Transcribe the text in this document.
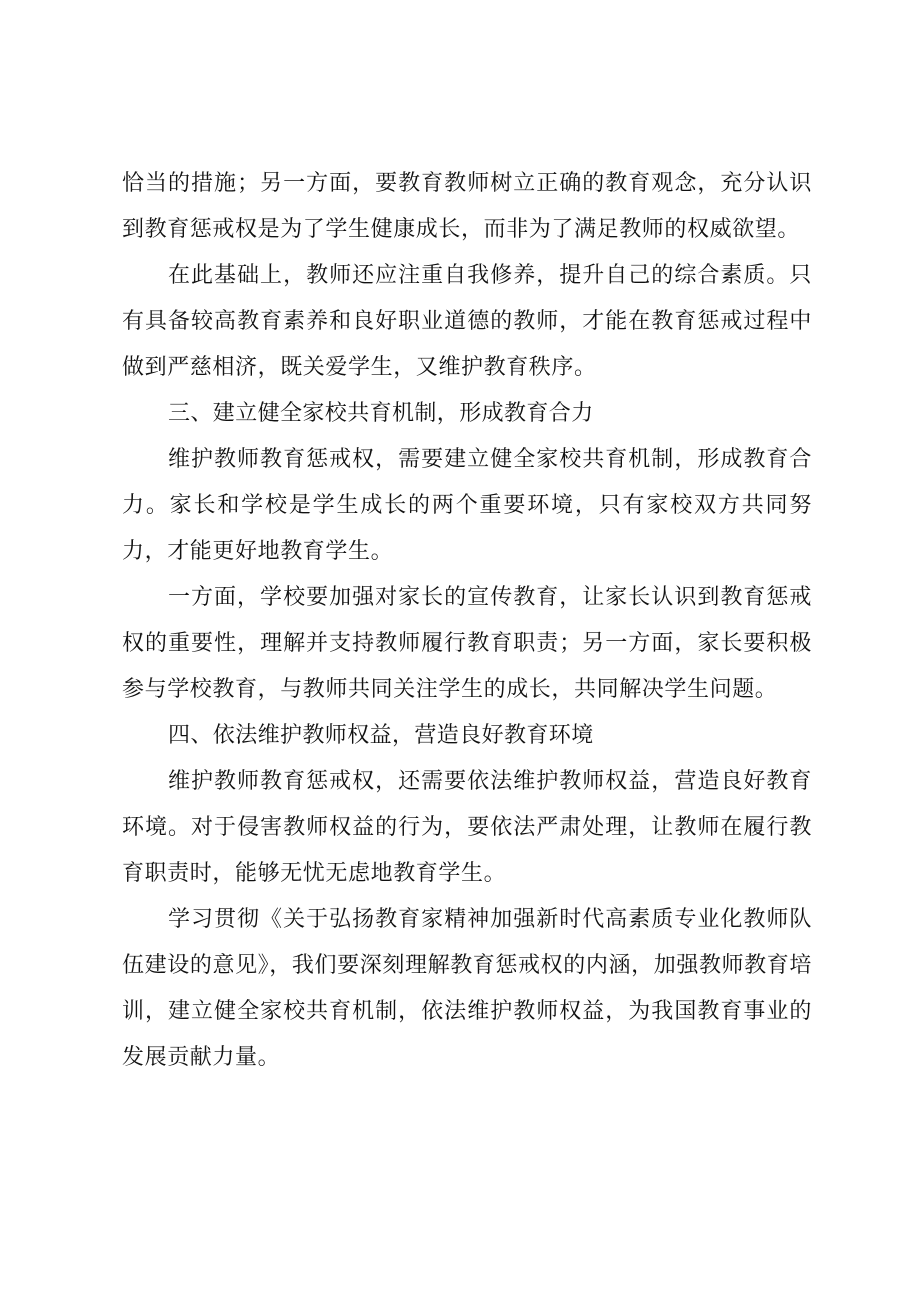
恰当的措施；另一方面，要教育教师树立正确的教育观念，充分认识到教育惩戒权是为了学生健康成长，而非为了满足教师的权威欲望。

在此基础上，教师还应注重自我修养，提升自己的综合素质。只有具备较高教育素养和良好职业道德的教师，才能在教育惩戒过程中做到严慈相济，既关爱学生，又维护教育秩序。

三、建立健全家校共育机制，形成教育合力

维护教师教育惩戒权，需要建立健全家校共育机制，形成教育合力。家长和学校是学生成长的两个重要环境，只有家校双方共同努力，才能更好地教育学生。

一方面，学校要加强对家长的宣传教育，让家长认识到教育惩戒权的重要性，理解并支持教师履行教育职责；另一方面，家长要积极参与学校教育，与教师共同关注学生的成长，共同解决学生问题。

四、依法维护教师权益，营造良好教育环境

维护教师教育惩戒权，还需要依法维护教师权益，营造良好教育环境。对于侵害教师权益的行为，要依法严肃处理，让教师在履行教育职责时，能够无忧无虑地教育学生。

学习贯彻《关于弘扬教育家精神加强新时代高素质专业化教师队伍建设的意见》，我们要深刻理解教育惩戒权的内涵，加强教师教育培训，建立健全家校共育机制，依法维护教师权益，为我国教育事业的发展贡献力量。
